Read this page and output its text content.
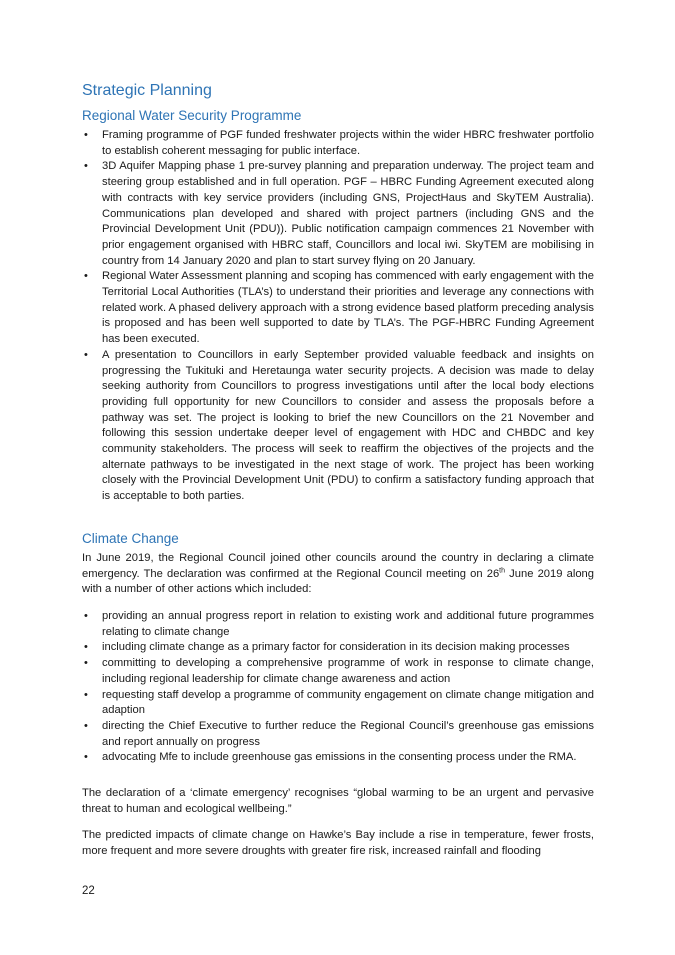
Strategic Planning
Regional Water Security Programme
• Framing programme of PGF funded freshwater projects within the wider HBRC freshwater portfolio to establish coherent messaging for public interface.
• 3D Aquifer Mapping phase 1 pre-survey planning and preparation underway. The project team and steering group established and in full operation. PGF – HBRC Funding Agreement executed along with contracts with key service providers (including GNS, ProjectHaus and SkyTEM Australia). Communications plan developed and shared with project partners (including GNS and the Provincial Development Unit (PDU)). Public notification campaign commences 21 November with prior engagement organised with HBRC staff, Councillors and local iwi. SkyTEM are mobilising in country from 14 January 2020 and plan to start survey flying on 20 January.
• Regional Water Assessment planning and scoping has commenced with early engagement with the Territorial Local Authorities (TLA’s) to understand their priorities and leverage any connections with related work. A phased delivery approach with a strong evidence based platform preceding analysis is proposed and has been well supported to date by TLA’s. The PGF-HBRC Funding Agreement has been executed.
• A presentation to Councillors in early September provided valuable feedback and insights on progressing the Tukituki and Heretaunga water security projects. A decision was made to delay seeking authority from Councillors to progress investigations until after the local body elections providing full opportunity for new Councillors to consider and assess the proposals before a pathway was set. The project is looking to brief the new Councillors on the 21 November and following this session undertake deeper level of engagement with HDC and CHBDC and key community stakeholders. The process will seek to reaffirm the objectives of the projects and the alternate pathways to be investigated in the next stage of work. The project has been working closely with the Provincial Development Unit (PDU) to confirm a satisfactory funding approach that is acceptable to both parties.
Climate Change

In June 2019, the Regional Council joined other councils around the country in declaring a climate emergency. The declaration was confirmed at the Regional Council meeting on 26th June 2019 along with a number of other actions which included:

• providing an annual progress report in relation to existing work and additional future programmes relating to climate change
• including climate change as a primary factor for consideration in its decision making processes
• committing to developing a comprehensive programme of work in response to climate change, including regional leadership for climate change awareness and action
• requesting staff develop a programme of community engagement on climate change mitigation and adaption
• directing the Chief Executive to further reduce the Regional Council’s greenhouse gas emissions and report annually on progress
• advocating Mfe to include greenhouse gas emissions in the consenting process under the RMA.

The declaration of a ‘climate emergency’ recognises “global warming to be an urgent and pervasive threat to human and ecological wellbeing.”

The predicted impacts of climate change on Hawke’s Bay include a rise in temperature, fewer frosts, more frequent and more severe droughts with greater fire risk, increased rainfall and flooding

22
